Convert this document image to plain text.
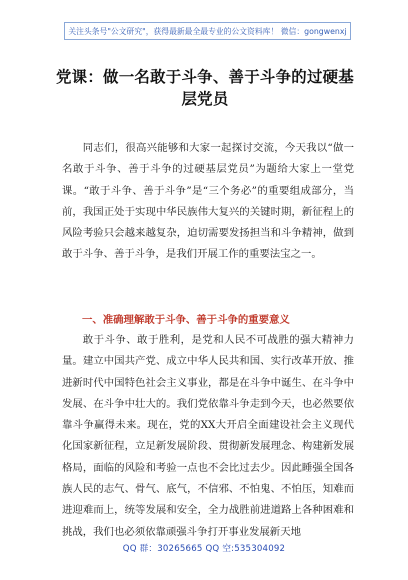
关注头条号"公文研究"，获得最新最全最专业的公文资料库！ 微信：gongwenxj
党课：做一名敢于斗争、善于斗争的过硬基层党员

同志们，很高兴能够和大家一起探讨交流，今天我以“做一名敢于斗争、善于斗争的过硬基层党员”为题给大家上一堂党课。“敢于斗争、善于斗争”是“三个务必”的重要组成部分，当前，我国正处于实现中华民族伟大复兴的关键时期，新征程上的风险考验只会越来越复杂，迫切需要发扬担当和斗争精神，做到敢于斗争、善于斗争，是我们开展工作的重要法宝之一。

一、准确理解敢于斗争、善于斗争的重要意义

敢于斗争、敢于胜利，是党和人民不可战胜的强大精神力量。建立中国共产党、成立中华人民共和国、实行改革开放、推进新时代中国特色社会主义事业，都是在斗争中诞生、在斗争中发展、在斗争中壮大的。我们党依靠斗争走到今天，也必然要依靠斗争赢得未来。现在，党的XX大开启全面建设社会主义现代化国家新征程，立足新发展阶段、贯彻新发展理念、构建新发展格局，面临的风险和考验一点也不会比过去少。因此睡强全国各族人民的志气、骨气、底气，不信邪、不怕鬼、不怕压，知难而进迎难而上，统等发展和安全，全力战胜前进道路上各种困难和挑战，我们也必须依靠顽强斗争打开事业发展新天地

QQ 群：30265665 QQ 空:535304092
